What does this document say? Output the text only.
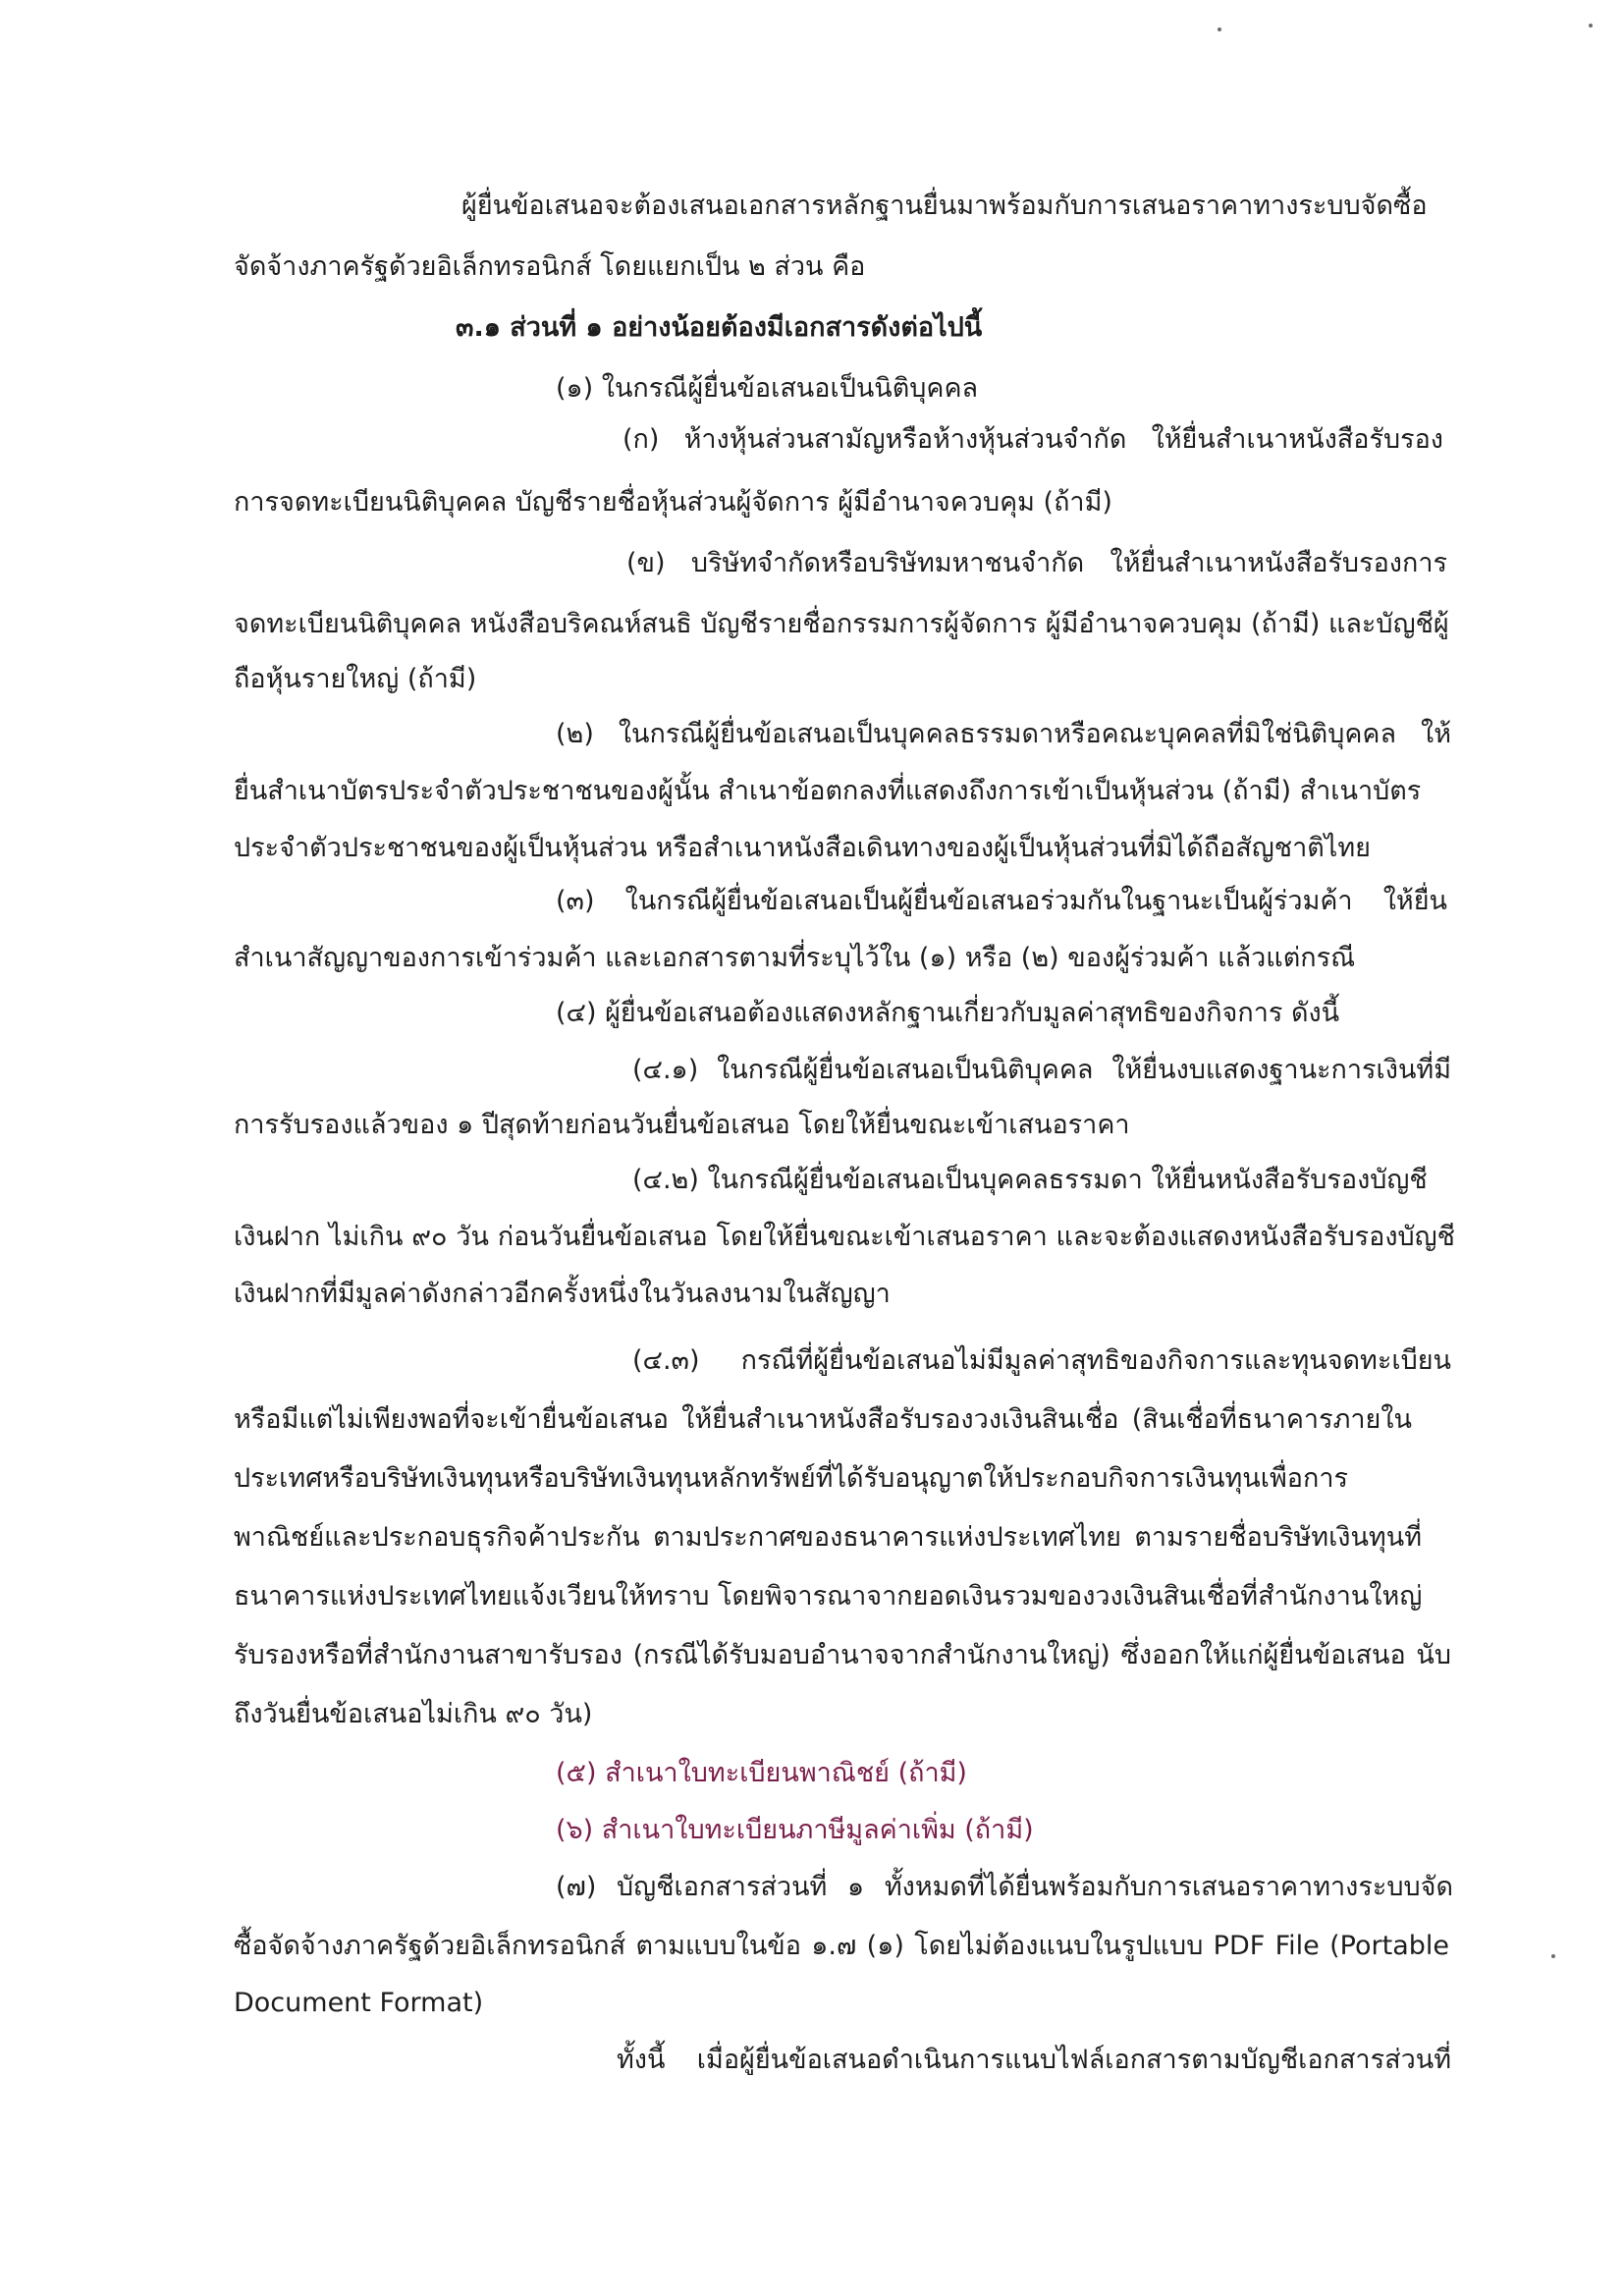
ผู้ยื่นข้อเสนอจะต้องเสนอเอกสารหลักฐานยื่นมาพร้อมกับการเสนอราคาทางระบบจัดซื้อ

จัดจ้างภาครัฐด้วยอิเล็กทรอนิกส์ โดยแยกเป็น ๒ ส่วน คือ

๓.๑ ส่วนที่ ๑ อย่างน้อยต้องมีเอกสารดังต่อไปนี้

(๑) ในกรณีผู้ยื่นข้อเสนอเป็นนิติบุคคล

(ก) ห้างหุ้นส่วนสามัญหรือห้างหุ้นส่วนจำกัด ให้ยื่นสำเนาหนังสือรับรอง

การจดทะเบียนนิติบุคคล บัญชีรายชื่อหุ้นส่วนผู้จัดการ ผู้มีอำนาจควบคุม (ถ้ามี)

(ข) บริษัทจำกัดหรือบริษัทมหาชนจำกัด ให้ยื่นสำเนาหนังสือรับรองการ

จดทะเบียนนิติบุคคล หนังสือบริคณห์สนธิ บัญชีรายชื่อกรรมการผู้จัดการ ผู้มีอำนาจควบคุม (ถ้ามี) และบัญชีผู้

ถือหุ้นรายใหญ่ (ถ้ามี)

(๒) ในกรณีผู้ยื่นข้อเสนอเป็นบุคคลธรรมดาหรือคณะบุคคลที่มิใช่นิติบุคคล ให้

ยื่นสำเนาบัตรประจำตัวประชาชนของผู้นั้น สำเนาข้อตกลงที่แสดงถึงการเข้าเป็นหุ้นส่วน (ถ้ามี) สำเนาบัตร

ประจำตัวประชาชนของผู้เป็นหุ้นส่วน หรือสำเนาหนังสือเดินทางของผู้เป็นหุ้นส่วนที่มิได้ถือสัญชาติไทย

(๓) ในกรณีผู้ยื่นข้อเสนอเป็นผู้ยื่นข้อเสนอร่วมกันในฐานะเป็นผู้ร่วมค้า ให้ยื่น

สำเนาสัญญาของการเข้าร่วมค้า และเอกสารตามที่ระบุไว้ใน (๑) หรือ (๒) ของผู้ร่วมค้า แล้วแต่กรณี

(๔) ผู้ยื่นข้อเสนอต้องแสดงหลักฐานเกี่ยวกับมูลค่าสุทธิของกิจการ ดังนี้

(๔.๑) ในกรณีผู้ยื่นข้อเสนอเป็นนิติบุคคล ให้ยื่นงบแสดงฐานะการเงินที่มี

การรับรองแล้วของ ๑ ปีสุดท้ายก่อนวันยื่นข้อเสนอ โดยให้ยื่นขณะเข้าเสนอราคา

(๔.๒) ในกรณีผู้ยื่นข้อเสนอเป็นบุคคลธรรมดา ให้ยื่นหนังสือรับรองบัญชี

เงินฝาก ไม่เกิน ๙๐ วัน ก่อนวันยื่นข้อเสนอ โดยให้ยื่นขณะเข้าเสนอราคา และจะต้องแสดงหนังสือรับรองบัญชี

เงินฝากที่มีมูลค่าดังกล่าวอีกครั้งหนึ่งในวันลงนามในสัญญา

(๔.๓) กรณีที่ผู้ยื่นข้อเสนอไม่มีมูลค่าสุทธิของกิจการและทุนจดทะเบียน

หรือมีแต่ไม่เพียงพอที่จะเข้ายื่นข้อเสนอ ให้ยื่นสำเนาหนังสือรับรองวงเงินสินเชื่อ (สินเชื่อที่ธนาคารภายใน

ประเทศหรือบริษัทเงินทุนหรือบริษัทเงินทุนหลักทรัพย์ที่ได้รับอนุญาตให้ประกอบกิจการเงินทุนเพื่อการ

พาณิชย์และประกอบธุรกิจค้าประกัน ตามประกาศของธนาคารแห่งประเทศไทย ตามรายชื่อบริษัทเงินทุนที่

ธนาคารแห่งประเทศไทยแจ้งเวียนให้ทราบ โดยพิจารณาจากยอดเงินรวมของวงเงินสินเชื่อที่สำนักงานใหญ่

รับรองหรือที่สำนักงานสาขารับรอง (กรณีได้รับมอบอำนาจจากสำนักงานใหญ่) ซึ่งออกให้แก่ผู้ยื่นข้อเสนอ นับ

ถึงวันยื่นข้อเสนอไม่เกิน ๙๐ วัน)

(๕) สำเนาใบทะเบียนพาณิชย์ (ถ้ามี)

(๖) สำเนาใบทะเบียนภาษีมูลค่าเพิ่ม (ถ้ามี)

(๗) บัญชีเอกสารส่วนที่ ๑ ทั้งหมดที่ได้ยื่นพร้อมกับการเสนอราคาทางระบบจัด

ซื้อจัดจ้างภาครัฐด้วยอิเล็กทรอนิกส์ ตามแบบในข้อ ๑.๗ (๑) โดยไม่ต้องแนบในรูปแบบ PDF File (Portable

Document Format)

ทั้งนี้ เมื่อผู้ยื่นข้อเสนอดำเนินการแนบไฟล์เอกสารตามบัญชีเอกสารส่วนที่
